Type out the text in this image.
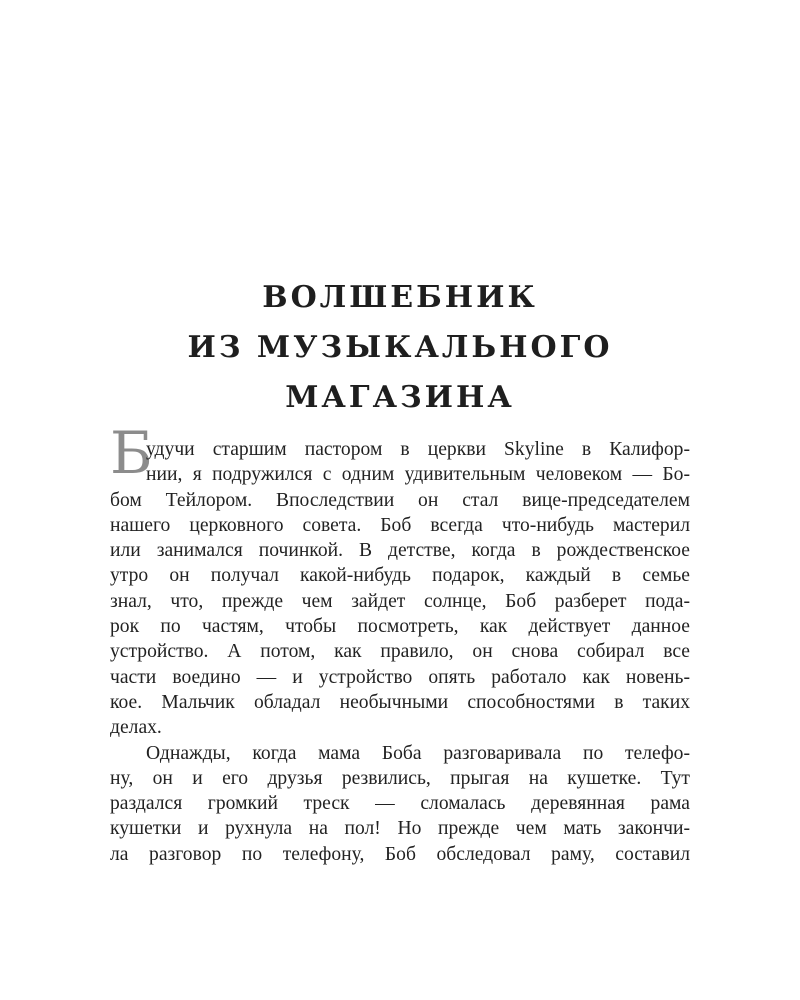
ВОЛШЕБНИК
ИЗ МУЗЫКАЛЬНОГО
МАГАЗИНА
Б
удучи старшим пастором в церкви Skyline в Калифор-
нии, я подружился с одним удивительным человеком — Бо-
бом Тейлором. Впоследствии он стал вице-председателем
нашего церковного совета. Боб всегда что-нибудь мастерил
или занимался починкой. В детстве, когда в рождественское
утро он получал какой-нибудь подарок, каждый в семье
знал, что, прежде чем зайдет солнце, Боб разберет пода-
рок по частям, чтобы посмотреть, как действует данное
устройство. А потом, как правило, он снова собирал все
части воедино — и устройство опять работало как новень-
кое. Мальчик обладал необычными способностями в таких
делах.
Однажды, когда мама Боба разговаривала по телефо-
ну, он и его друзья резвились, прыгая на кушетке. Тут
раздался громкий треск — сломалась деревянная рама
кушетки и рухнула на пол! Но прежде чем мать закончи-
ла разговор по телефону, Боб обследовал раму, составил
